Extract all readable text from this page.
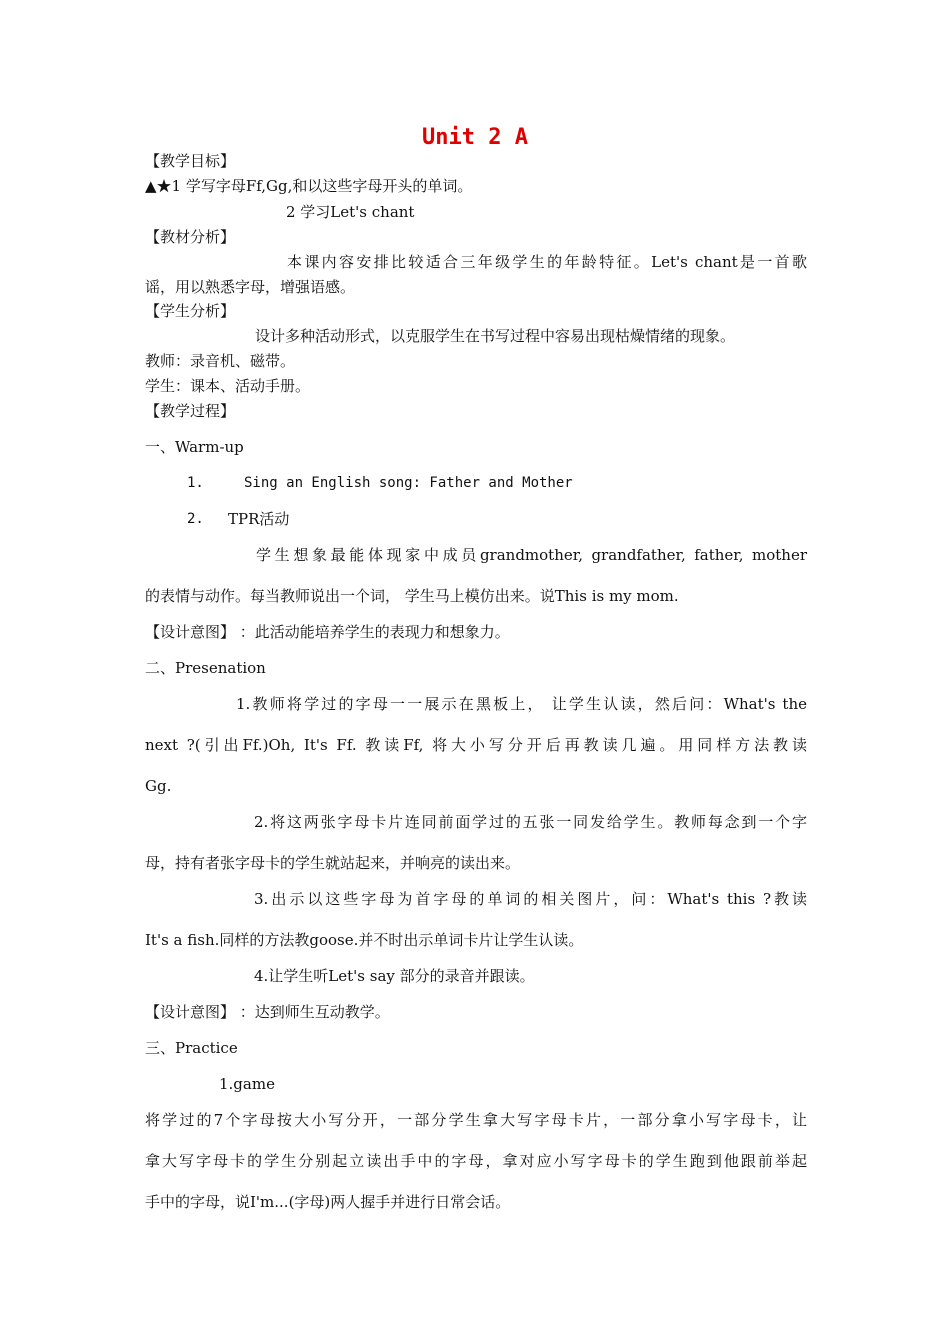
Unit 2 A
【教学目标】
▲★1 学写字母Ff,Gg,和以这些字母开头的单词。
2 学习Let's chant
【教材分析】
本课内容安排比较适合三年级学生的年龄特征。Let's chant是一首歌
谣，用以熟悉字母，增强语感。
【学生分析】
设计多种活动形式，以克服学生在书写过程中容易出现枯燥情绪的现象。
教师：录音机、磁带。
学生：课本、活动手册。
【教学过程】
一、Warm-up
1.	Sing an English song: Father and Mother
2.	TPR活动
学生想象最能体现家中成员grandmother, grandfather, father, mother
的表情与动作。每当教师说出一个词， 学生马上模仿出来。说This is my mom.
【设计意图】 ：此活动能培养学生的表现力和想象力。
二、Presenation
1.教师将学过的字母一一展示在黑板上， 让学生认读，然后问：What's the
next ?(引出Ff.)Oh, It's Ff. 教读Ff, 将大小写分开后再教读几遍。用同样方法教读
Gg.
2.将这两张字母卡片连同前面学过的五张一同发给学生。教师每念到一个字
母，持有者张字母卡的学生就站起来，并响亮的读出来。
3.出示以这些字母为首字母的单词的相关图片，问：What's this ?教读
It's a fish.同样的方法教goose.并不时出示单词卡片让学生认读。
4.让学生听Let's say 部分的录音并跟读。
【设计意图】 ：达到师生互动教学。
三、Practice
1.game
将学过的7个字母按大小写分开，一部分学生拿大写字母卡片，一部分拿小写字母卡，让
拿大写字母卡的学生分别起立读出手中的字母，拿对应小写字母卡的学生跑到他跟前举起
手中的字母，说I'm...(字母)两人握手并进行日常会话。
